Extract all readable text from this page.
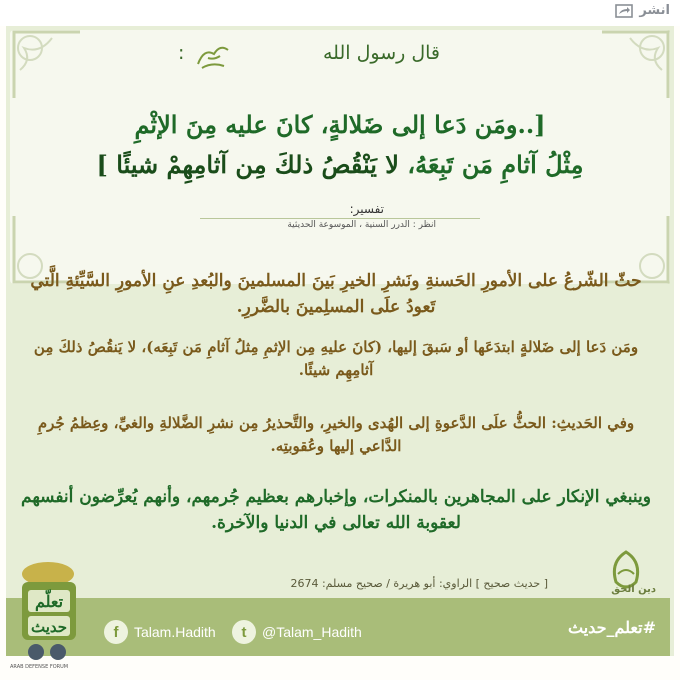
انشر
قال رسول الله
:
[..ومَن دَعا إلى ضَلالةٍ، كانَ عليه مِنَ الإثْمِ
مِثْلُ آثامِ مَن تَبِعَهُ، لا يَنْقُصُ ذلكَ مِن آثامِهِمْ شيئًا ]
تفسير:
انظر : الدرر السنية ، الموسوعة الحديثية
حثّ الشّرعُ على الأمورِ الحَسنةِ ونَشرِ الخيرِ بَينَ المسلمينَ والبُعدِ عنِ الأمورِ السَّيِّئةِ الَّتي تَعودُ علَى المسلِمينَ بالضَّررِ.
ومَن دَعا إلى ضَلالةٍ ابتدَعَها أو سَبقَ إليها، (كانَ عليهِ مِن الإثمِ مِثلُ آثامِ مَن تَبِعَه)، لا يَنقُصُ ذلكَ مِن آثامِهِم شيئًا.
وفي الحَديثِ: الحثُّ علَى الدَّعوةِ إلى الهُدى والخيرِ، والتَّحذيرُ مِن نشرِ الضَّلالةِ والغيِّ، وعِظمُ جُرمِ الدَّاعي إليها وعُقوبتِه.
وينبغي الإنكار على المجاهرين بالمنكرات، وإخبارهم بعظيم جُرمهم، وأنهم يُعرِّضون أنفسهم لعقوبة الله تعالى في الدنيا والآخرة.
[ حديث صحيح ] الراوي: أبو هريرة / صحيح مسلم: 2674	دين الحق
#تعلم_حديث
f	Talam.Hadith	t	@Talam_Hadith
تعلّم
حديث
ARAB DEFENSE FORUM
